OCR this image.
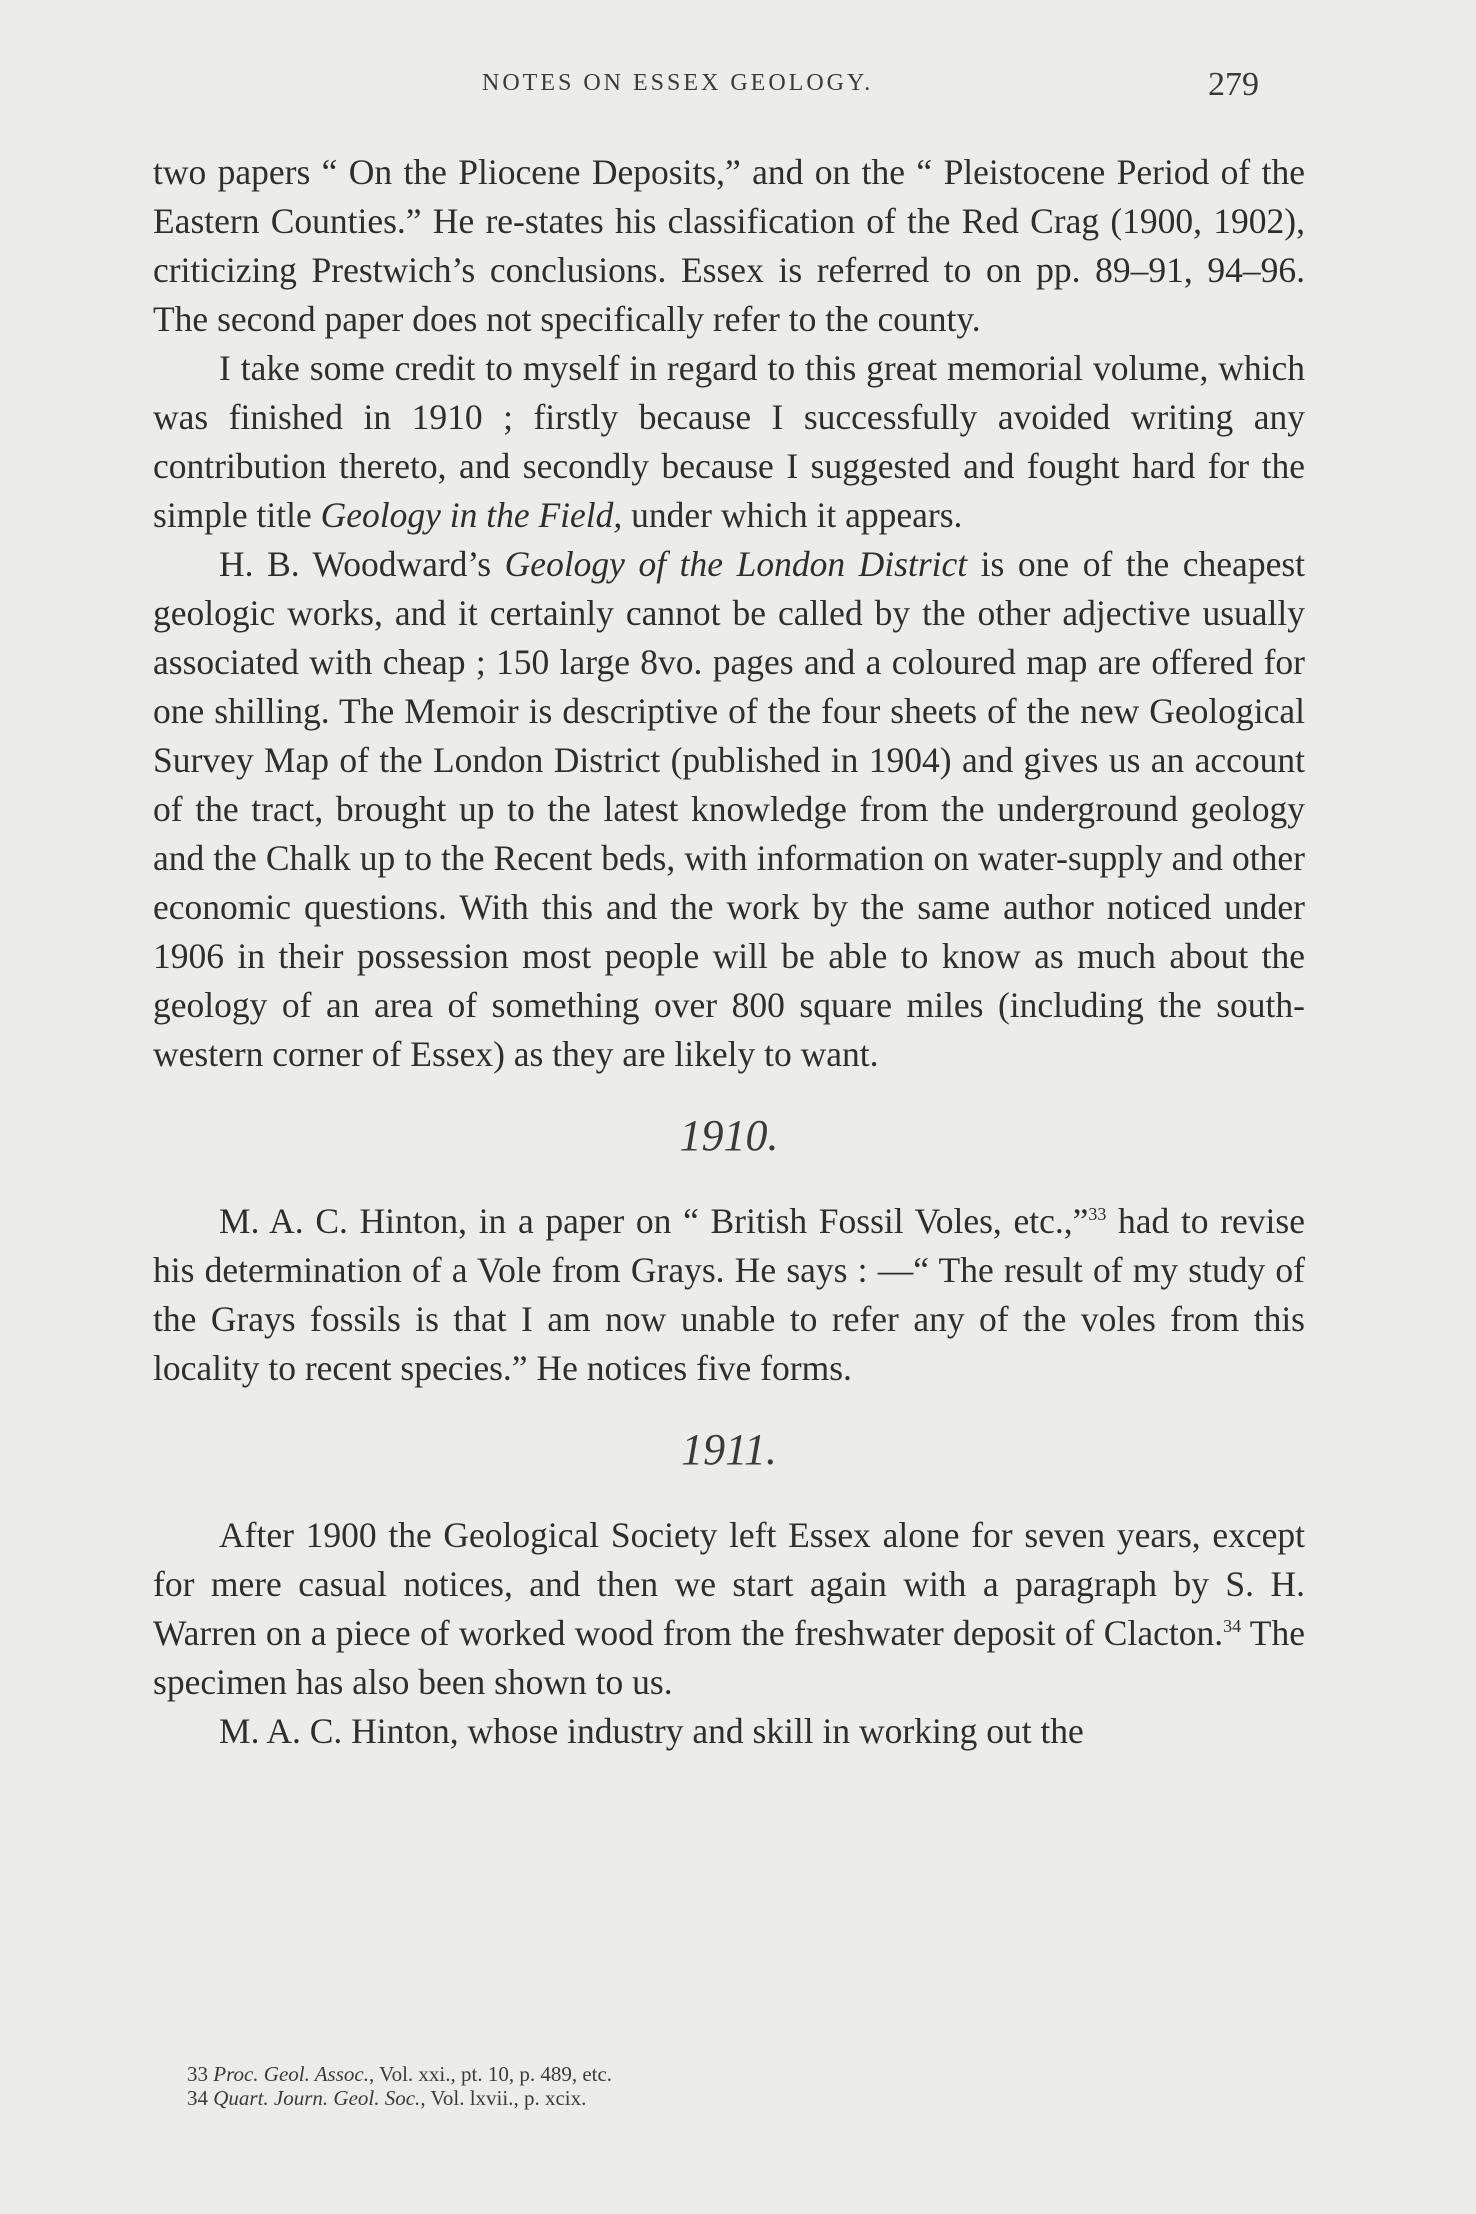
NOTES ON ESSEX GEOLOGY.	279

two papers “ On the Pliocene Deposits,” and on the “ Pleistocene Period of the Eastern Counties.” He re-states his classification of the Red Crag (1900, 1902), criticizing Prestwich’s conclusions. Essex is referred to on pp. 89–91, 94–96. The second paper does not specifically refer to the county.

I take some credit to myself in regard to this great memorial volume, which was finished in 1910 ; firstly because I successfully avoided writing any contribution thereto, and secondly because I suggested and fought hard for the simple title Geology in the Field, under which it appears.

H. B. Woodward’s Geology of the London District is one of the cheapest geologic works, and it certainly cannot be called by the other adjective usually associated with cheap ; 150 large 8vo. pages and a coloured map are offered for one shilling. The Memoir is descriptive of the four sheets of the new Geological Survey Map of the London District (published in 1904) and gives us an account of the tract, brought up to the latest knowledge from the underground geology and the Chalk up to the Recent beds, with information on water-supply and other economic questions. With this and the work by the same author noticed under 1906 in their possession most people will be able to know as much about the geology of an area of something over 800 square miles (including the south-western corner of Essex) as they are likely to want.

1910.

M. A. C. Hinton, in a paper on “ British Fossil Voles, etc.,”$^{33}$ had to revise his determination of a Vole from Grays. He says : —“ The result of my study of the Grays fossils is that I am now unable to refer any of the voles from this locality to recent species.” He notices five forms.

1911.

After 1900 the Geological Society left Essex alone for seven years, except for mere casual notices, and then we start again with a paragraph by S. H. Warren on a piece of worked wood from the freshwater deposit of Clacton.$^{34}$ The specimen has also been shown to us.

M. A. C. Hinton, whose industry and skill in working out the

33 Proc. Geol. Assoc., Vol. xxi., pt. 10, p. 489, etc.
34 Quart. Journ. Geol. Soc., Vol. lxvii., p. xcix.
